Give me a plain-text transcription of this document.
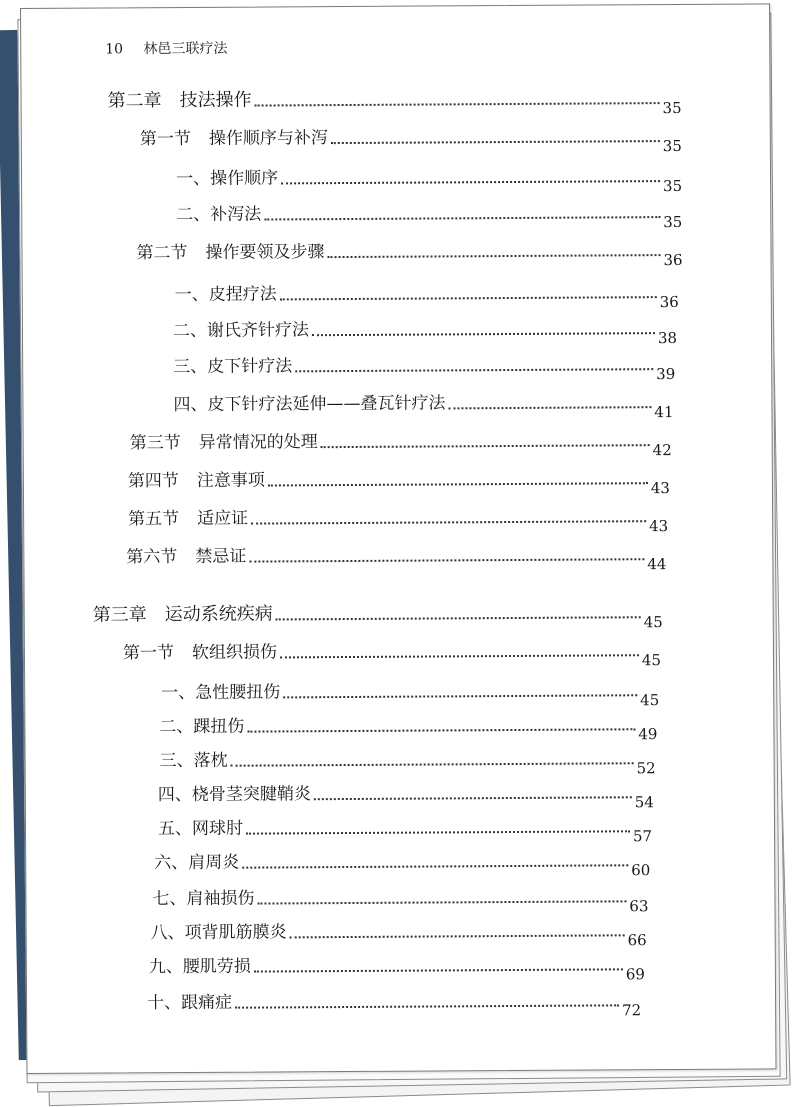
10 林邑三联疗法
第二章 技法操作	35
第一节 操作顺序与补泻	35
一、操作顺序	35
二、补泻法	35
第二节 操作要领及步骤	36
一、皮捏疗法	36
二、谢氏齐针疗法	38
三、皮下针疗法	39
四、皮下针疗法延伸——叠瓦针疗法	41
第三节 异常情况的处理	42
第四节 注意事项	43
第五节 适应证	43
第六节 禁忌证	44
第三章 运动系统疾病	45
第一节 软组织损伤	45
一、急性腰扭伤	45
二、踝扭伤	49
三、落枕	52
四、桡骨茎突腱鞘炎	54
五、网球肘	57
六、肩周炎	60
七、肩袖损伤	63
八、项背肌筋膜炎	66
九、腰肌劳损	69
十、跟痛症	72
